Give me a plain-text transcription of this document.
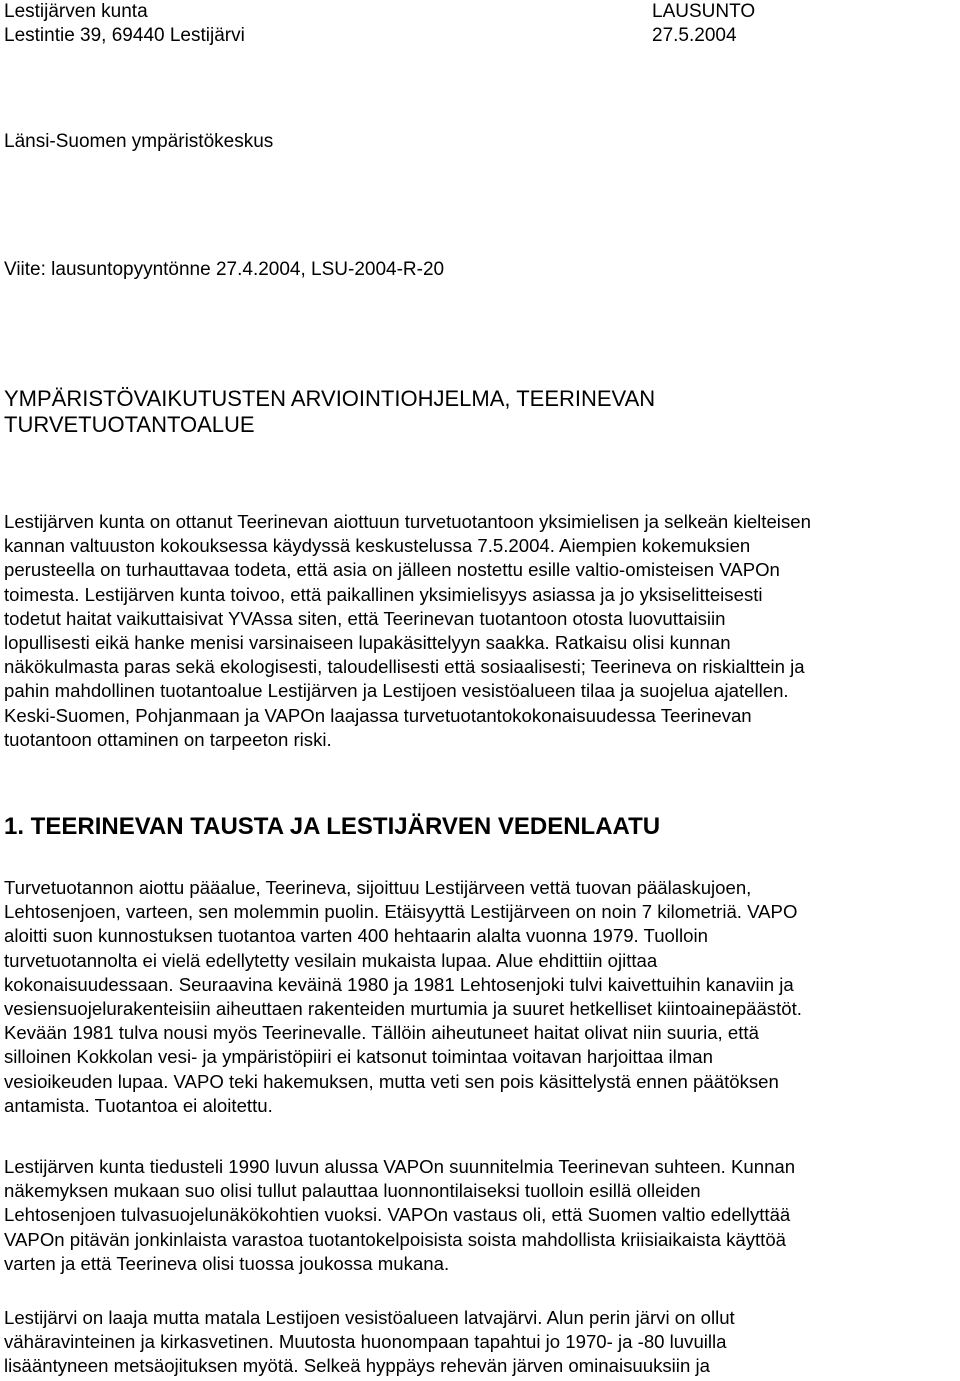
Lestijärven kunta	LAUSUNTO
Lestintie 39, 69440 Lestijärvi	27.5.2004
Länsi-Suomen ympäristökeskus
Viite: lausuntopyyntönne 27.4.2004, LSU-2004-R-20
YMPÄRISTÖVAIKUTUSTEN ARVIOINTIOHJELMA, TEERINEVAN
TURVETUOTANTOALUE
Lestijärven kunta on ottanut Teerinevan aiottuun turvetuotantoon yksimielisen ja selkeän kielteisen
kannan valtuuston kokouksessa käydyssä keskustelussa 7.5.2004. Aiempien kokemuksien
perusteella on turhauttavaa todeta, että asia on jälleen nostettu esille valtio-omisteisen VAPOn
toimesta. Lestijärven kunta toivoo, että paikallinen yksimielisyys asiassa ja jo yksiselitteisesti
todetut haitat vaikuttaisivat YVAssa siten, että Teerinevan tuotantoon otosta luovuttaisiin
lopullisesti eikä hanke menisi varsinaiseen lupakäsittelyyn saakka. Ratkaisu olisi kunnan
näkökulmasta paras sekä ekologisesti, taloudellisesti että sosiaalisesti; Teerineva on riskialttein ja
pahin mahdollinen tuotantoalue Lestijärven ja Lestijoen vesistöalueen tilaa ja suojelua ajatellen.
Keski-Suomen, Pohjanmaan ja VAPOn laajassa turvetuotantokokonaisuudessa Teerinevan
tuotantoon ottaminen on tarpeeton riski.
1. TEERINEVAN TAUSTA JA LESTIJÄRVEN VEDENLAATU
Turvetuotannon aiottu pääalue, Teerineva, sijoittuu Lestijärveen vettä tuovan päälaskujoen,
Lehtosenjoen, varteen, sen molemmin puolin. Etäisyyttä Lestijärveen on noin 7 kilometriä. VAPO
aloitti suon kunnostuksen tuotantoa varten 400 hehtaarin alalta vuonna 1979. Tuolloin
turvetuotannolta ei vielä edellytetty vesilain mukaista lupaa. Alue ehdittiin ojittaa
kokonaisuudessaan. Seuraavina keväinä 1980 ja 1981 Lehtosenjoki tulvi kaivettuihin kanaviin ja
vesiensuojelurakenteisiin aiheuttaen rakenteiden murtumia ja suuret hetkelliset kiintoainepäästöt.
Kevään 1981 tulva nousi myös Teerinevalle. Tällöin aiheutuneet haitat olivat niin suuria, että
silloinen Kokkolan vesi- ja ympäristöpiiri ei katsonut toimintaa voitavan harjoittaa ilman
vesioikeuden lupaa. VAPO teki hakemuksen, mutta veti sen pois käsittelystä ennen päätöksen
antamista. Tuotantoa ei aloitettu.
Lestijärven kunta tiedusteli 1990 luvun alussa VAPOn suunnitelmia Teerinevan suhteen. Kunnan
näkemyksen mukaan suo olisi tullut palauttaa luonnontilaiseksi tuolloin esillä olleiden
Lehtosenjoen tulvasuojelunäkökohtien vuoksi. VAPOn vastaus oli, että Suomen valtio edellyttää
VAPOn pitävän jonkinlaista varastoa tuotantokelpoisista soista mahdollista kriisiaikaista käyttöä
varten ja että Teerineva olisi tuossa joukossa mukana.
Lestijärvi on laaja mutta matala Lestijoen vesistöalueen latvajärvi. Alun perin järvi on ollut
vähäravinteinen ja kirkasvetinen. Muutosta huonompaan tapahtui jo 1970- ja -80 luvuilla
lisääntyneen metsäojituksen myötä. Selkeä hyppäys rehevän järven ominaisuuksiin ja
